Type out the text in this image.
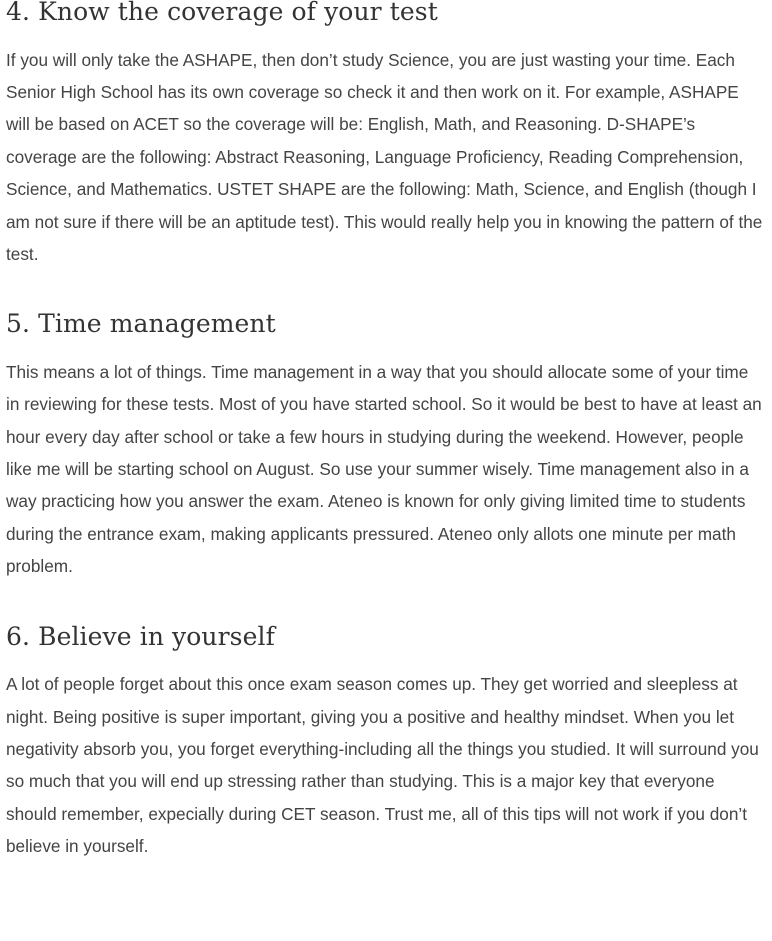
4. Know the coverage of your test

If you will only take the ASHAPE, then don’t study Science, you are just wasting your time. Each Senior High School has its own coverage so check it and then work on it. For example, ASHAPE will be based on ACET so the coverage will be: English, Math, and Reasoning. D-SHAPE’s coverage are the following: Abstract Reasoning, Language Proficiency, Reading Comprehension, Science, and Mathematics. USTET SHAPE are the following: Math, Science, and English (though I am not sure if there will be an aptitude test). This would really help you in knowing the pattern of the test.

5. Time management

This means a lot of things. Time management in a way that you should allocate some of your time in reviewing for these tests. Most of you have started school. So it would be best to have at least an hour every day after school or take a few hours in studying during the weekend. However, people like me will be starting school on August. So use your summer wisely. Time management also in a way practicing how you answer the exam. Ateneo is known for only giving limited time to students during the entrance exam, making applicants pressured. Ateneo only allots one minute per math problem.

6. Believe in yourself

A lot of people forget about this once exam season comes up. They get worried and sleepless at night. Being positive is super important, giving you a positive and healthy mindset. When you let negativity absorb you, you forget everything-including all the things you studied. It will surround you so much that you will end up stressing rather than studying. This is a major key that everyone should remember, expecially during CET season. Trust me, all of this tips will not work if you don’t believe in yourself.
